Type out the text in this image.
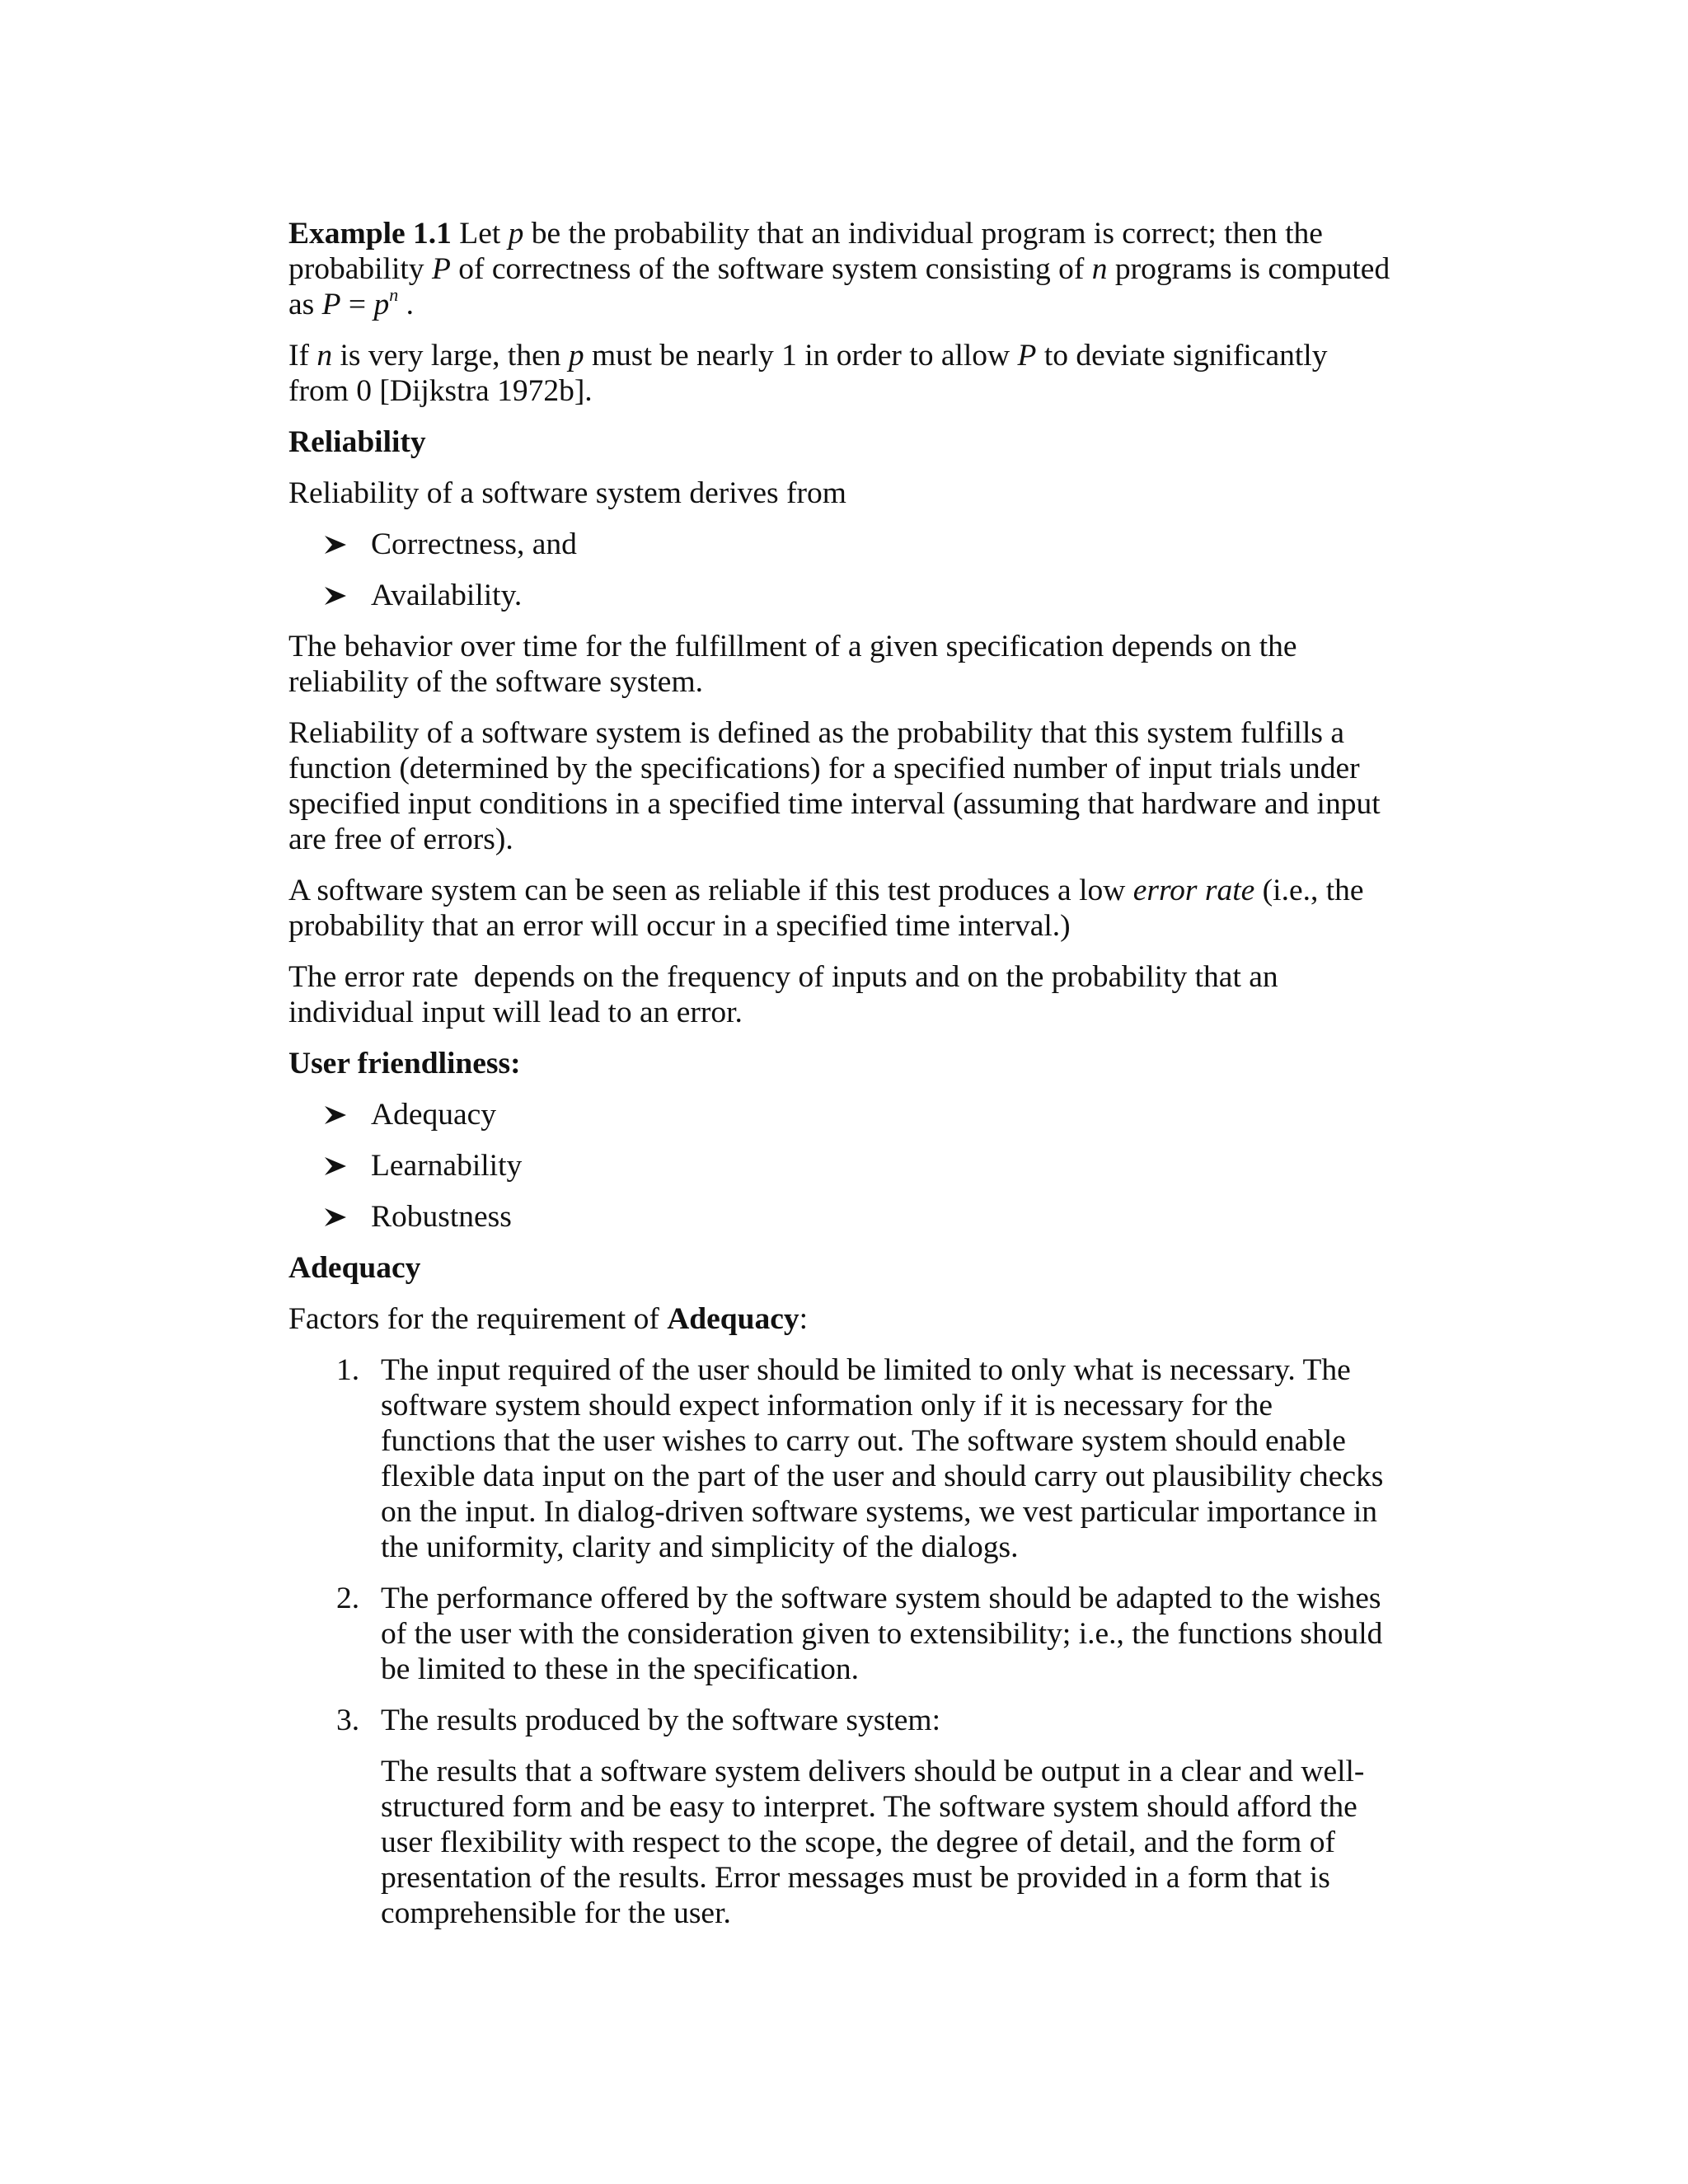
Example 1.1 Let p be the probability that an individual program is correct; then the probability P of correctness of the software system consisting of n programs is computed as $P = p^n$ .

If n is very large, then p must be nearly 1 in order to allow P to deviate significantly from 0 [Dijkstra 1972b].

Reliability

Reliability of a software system derives from

Correctness, and
Availability.

The behavior over time for the fulfillment of a given specification depends on the reliability of the software system.

Reliability of a software system is defined as the probability that this system fulfills a function (determined by the specifications) for a specified number of input trials under specified input conditions in a specified time interval (assuming that hardware and input are free of errors).

A software system can be seen as reliable if this test produces a low error rate (i.e., the probability that an error will occur in a specified time interval.)

The error rate  depends on the frequency of inputs and on the probability that an individual input will lead to an error.

User friendliness:
Adequacy
Learnability
Robustness
Adequacy

Factors for the requirement of Adequacy:

1. The input required of the user should be limited to only what is necessary. The software system should expect information only if it is necessary for the functions that the user wishes to carry out. The software system should enable flexible data input on the part of the user and should carry out plausibility checks on the input. In dialog-driven software systems, we vest particular importance in the uniformity, clarity and simplicity of the dialogs.
2. The performance offered by the software system should be adapted to the wishes of the user with the consideration given to extensibility; i.e., the functions should be limited to these in the specification.
3. The results produced by the software system:
The results that a software system delivers should be output in a clear and well-structured form and be easy to interpret. The software system should afford the user flexibility with respect to the scope, the degree of detail, and the form of presentation of the results. Error messages must be provided in a form that is comprehensible for the user.
